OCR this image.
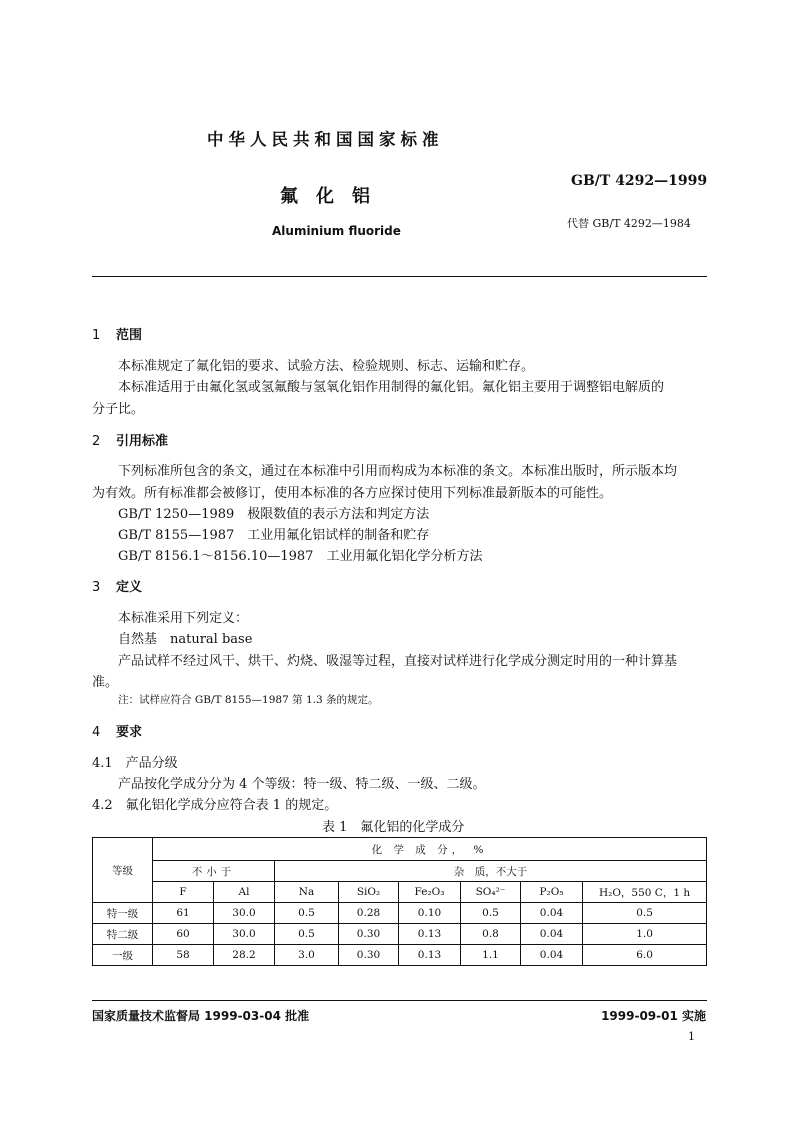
中华人民共和国国家标准
氟化铝
Aluminium fluoride
GB/T 4292—1999
代替 GB/T 4292—1984
1 范围
本标准规定了氟化铝的要求、试验方法、检验规则、标志、运输和贮存。
本标准适用于由氟化氢或氢氟酸与氢氧化铝作用制得的氟化铝。氟化铝主要用于调整铝电解质的
分子比。
2 引用标准
下列标准所包含的条文，通过在本标准中引用而构成为本标准的条文。本标准出版时，所示版本均
为有效。所有标准都会被修订，使用本标准的各方应探讨使用下列标准最新版本的可能性。
GB/T 1250—1989　极限数值的表示方法和判定方法
GB/T 8155—1987　工业用氟化铝试样的制备和贮存
GB/T 8156.1～8156.10—1987　工业用氟化铝化学分析方法
3 定义
本标准采用下列定义：
自然基　natural base
产品试样不经过风干、烘干、灼烧、吸湿等过程，直接对试样进行化学成分测定时用的一种计算基
准。
注：试样应符合 GB/T 8155—1987 第 1.3 条的规定。
4 要求
4.1　产品分级
产品按化学成分分为 4 个等级：特一级、特二级、一级、二级。
4.2　氟化铝化学成分应符合表 1 的规定。
表 1　氟化铝的化学成分
等级	化 学 成 分， %							
	不小于		杂　质，不大于					
	F	Al	Na	SiO₂	Fe₂O₃	SO₄²⁻	P₂O₅	H₂O，550 C，1 h
特一级	61	30.0	0.5	0.28	0.10	0.5	0.04	0.5
特二级	60	30.0	0.5	0.30	0.13	0.8	0.04	1.0
一级	58	28.2	3.0	0.30	0.13	1.1	0.04	6.0
国家质量技术监督局 1999-03-04 批准	1999-09-01 实施
1
